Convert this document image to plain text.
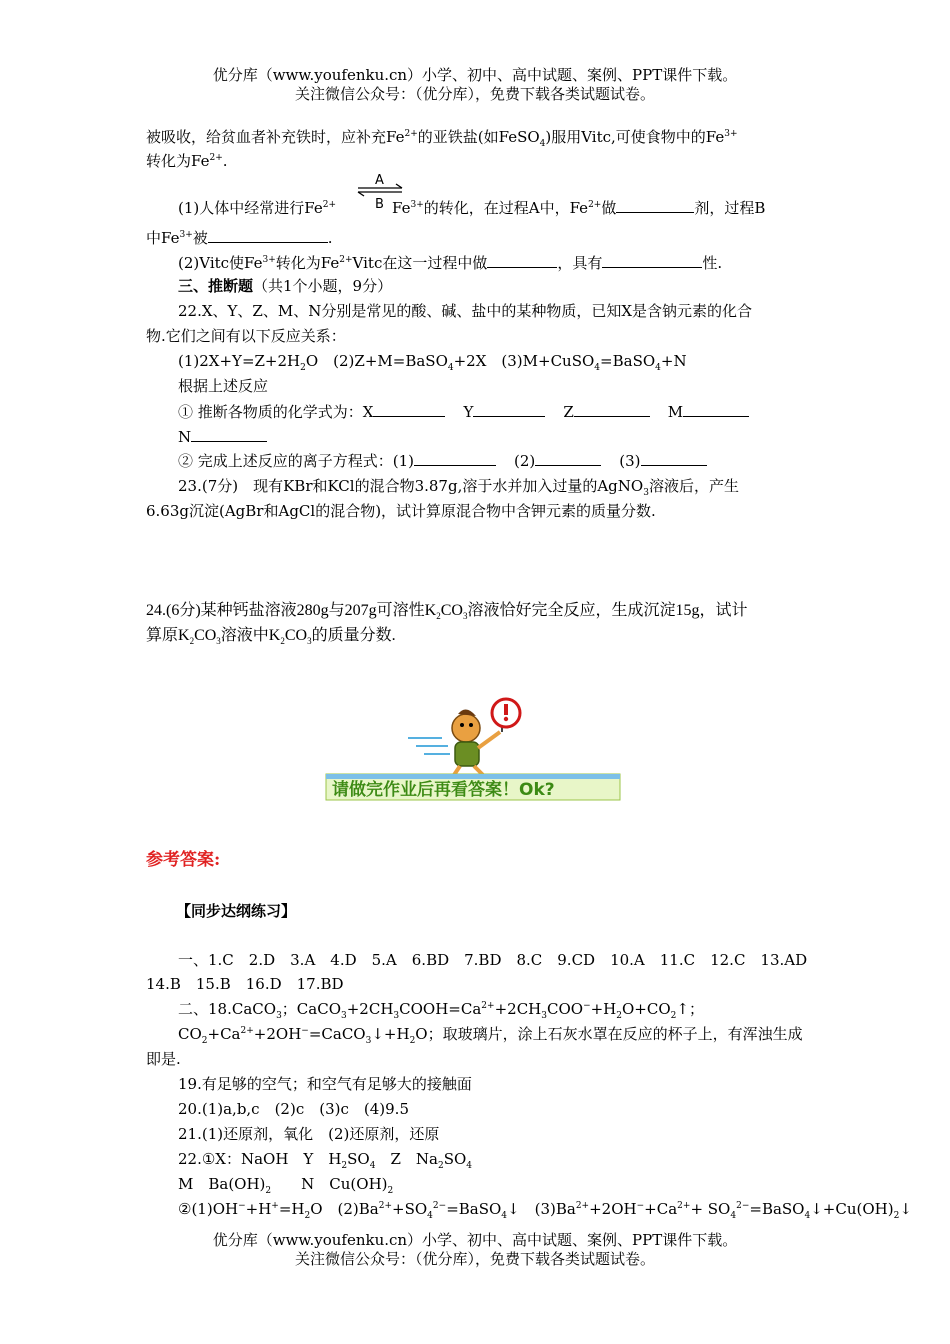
优分库（www.youfenku.cn）小学、初中、高中试题、案例、PPT课件下载。
关注微信公众号：（优分库），免费下载各类试题试卷。
被吸收，给贫血者补充铁时，应补充$Fe^{2+}$的亚铁盐(如FeSO$_4$)服用Vitc,可使食物中的$Fe^{3+}$
转化为$Fe^{2+}$.
(1)人体中经常进行$Fe^{2+}$	$Fe^{3+}$的转化，在过程A中，$Fe^{2+}$做	剂，过程B
A
B
中$Fe^{3+}$被	.
(2)Vitc使$Fe^{3+}$转化为$Fe^{2+}Vitc$在这一过程中做	，具有	性.
三、推断题（共1个小题，9分）
22.X、Y、Z、M、N分别是常见的酸、碱、盐中的某种物质，已知X是含钠元素的化合
物.它们之间有以下反应关系：
$(1)2X+Y=Z+2H_2O$　(2)Z+M=BaSO$_4$+2X　(3)M+CuSO$_4$=BaSO$_4$+N
根据上述反应
① 推断各物质的化学式为：X	Y	Z	M
N
② 完成上述反应的离子方程式：(1)	(2)	(3)
23.(7分)　现有KBr和KCl的混合物3.87g,溶于水并加入过量的AgNO$_3$溶液后，产生
6.63g沉淀(AgBr和AgCl的混合物)，试计算原混合物中含钾元素的质量分数.
24.(6分)某种钙盐溶液280g与207g可溶性$K_2CO_3$溶液恰好完全反应，生成沉淀15g，试计
算原$K_2CO_3$溶液中$K_2CO_3$的质量分数.
请做完作业后再看答案！Ok?
参考答案:
【同步达纲练习】
一、1.C　2.D　3.A　4.D　5.A　6.BD　7.BD　8.C　9.CD　10.A　11.C　12.C　13.AD
14.B　15.B　16.D　17.BD
二、18.CaCO$_3$；$CaCO_3+2CH_3COOH=Ca^{2+}+2CH_3COO^-+H_2O+CO_2↑$；
$CO_2+Ca^{2+}+2OH^-=CaCO_3↓+H_2O$；取玻璃片，涂上石灰水罩在反应的杯子上，有浑浊生成
即是.
19.有足够的空气；和空气有足够大的接触面
20.(1)a,b,c　(2)c　(3)c　(4)9.5
21.(1)还原剂，氧化　(2)还原剂，还原
22.①X：NaOH　Y　$H_2SO_4$　Z　$Na_2SO_4$
M　$Ba(OH)_2$　　N　$Cu(OH)_2$
$②(1)OH^-+H^+=H_2O$　$(2)Ba^{2+}+SO_4^{2-}=BaSO_4↓$　$(3)Ba^{2+}+2OH^-+Ca^{2+}+$ $SO_4^{2-}=BaSO_4↓+Cu(OH)_2↓$
优分库（www.youfenku.cn）小学、初中、高中试题、案例、PPT课件下载。
关注微信公众号：（优分库），免费下载各类试题试卷。
